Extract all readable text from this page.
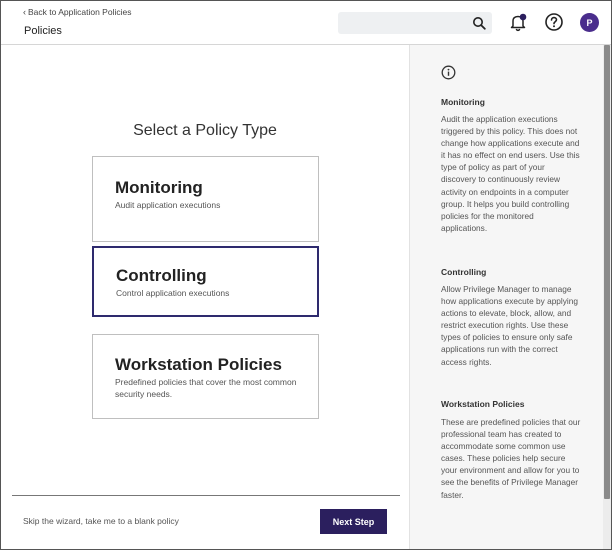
‹ Back to Application Policies
Policies
P
Select a Policy Type
Monitoring
Audit application executions
Controlling
Control application executions
Workstation Policies
Predefined policies that cover the most common security needs.
Skip the wizard, take me to a blank policy	Next Step
Monitoring

Audit the application executions triggered by this policy. This does not change how applications execute and it has no effect on end users. Use this type of policy as part of your discovery to continuously review activity on endpoints in a computer group. It helps you build controlling policies for the monitored applications.

Controlling

Allow Privilege Manager to manage how applications execute by applying actions to elevate, block, allow, and restrict execution rights. Use these types of policies to ensure only safe applications run with the correct access rights.

Workstation Policies

These are predefined policies that our professional team has created to accommodate some common use cases. These policies help secure your environment and allow for you to see the benefits of Privilege Manager faster.
